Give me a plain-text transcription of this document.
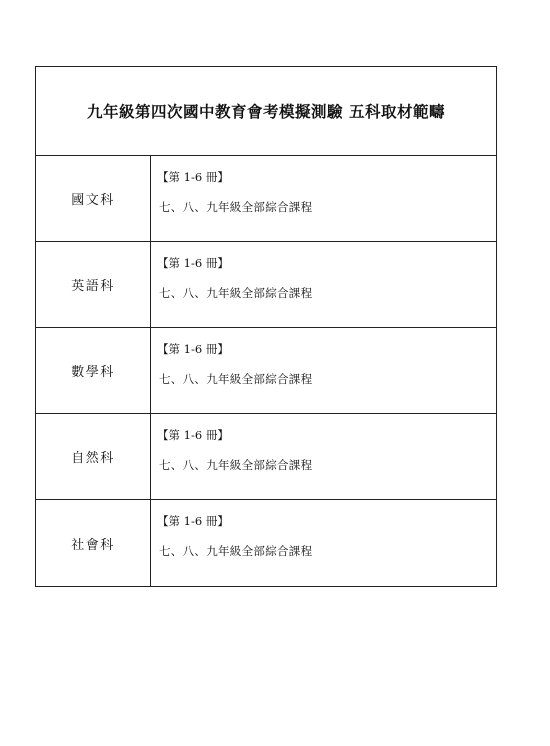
九年級第四次國中教育會考模擬測驗 五科取材範疇
國文科

【第 1-6 冊】

七、八、九年級全部綜合課程

英語科

【第 1-6 冊】

七、八、九年級全部綜合課程

數學科

【第 1-6 冊】

七、八、九年級全部綜合課程

自然科

【第 1-6 冊】

七、八、九年級全部綜合課程

社會科

【第 1-6 冊】

七、八、九年級全部綜合課程
